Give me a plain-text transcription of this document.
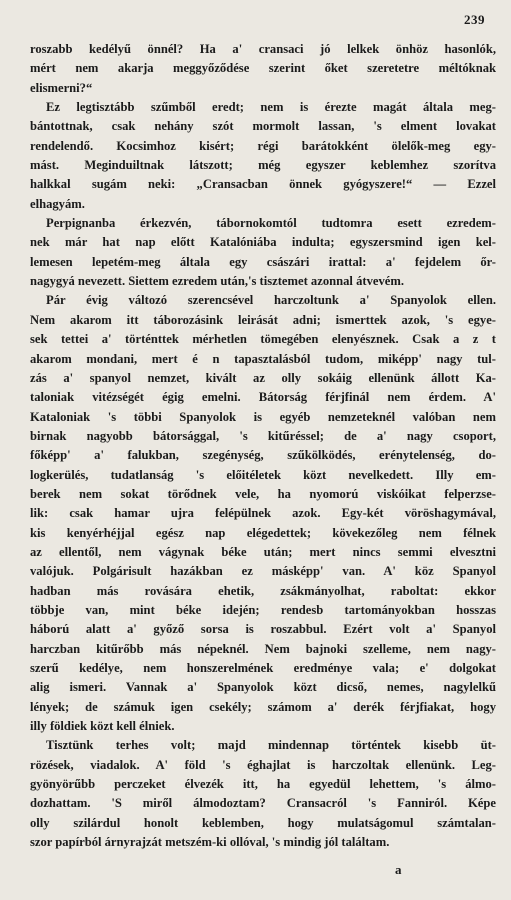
239
roszabb kedélyű önnél? Ha a' cransaci jó lelkek önhöz hasonlók,
mért nem akarja meggyőződése szerint őket szeretetre méltóknak
elismerni?“
Ez legtisztább szűmből eredt; nem is érezte magát általa meg-
bántottnak, csak nehány szót mormolt lassan, 's elment lovakat
rendelendő. Kocsimhoz kisért; régi barátokként ölelők-meg egy-
mást. Meginduiltnak látszott; még egyszer keblemhez szorítva
halkkal sugám neki: „Cransacban önnek gyógyszere!“ — Ezzel
elhagyám.
Perpignanba érkezvén, tábornokomtól tudtomra esett ezredem-
nek már hat nap előtt Katalóniába indulta; egyszersmind igen kel-
lemesen lepetém-meg általa egy császári irattal: a' fejdelem őr-
nagygyá nevezett. Siettem ezredem után,'s tisztemet azonnal átvevém.
Pár évig változó szerencsével harczoltunk a' Spanyolok ellen.
Nem akarom itt táborozásink leirását adni; ismerttek azok, 's egye-
sek tettei a' történttek mérhetlen tömegében elenyésznek. Csak a z t
akarom mondani, mert é n tapasztalásból tudom, miképp' nagy tul-
zás a' spanyol nemzet, kivált az olly sokáig ellenünk állott Ka-
taloniak vitézségét égig emelni. Bátorság férjfinál nem érdem. A'
Kataloniak 's többi Spanyolok is egyéb nemzeteknél valóban nem
birnak nagyobb bátorsággal, 's kitűréssel; de a' nagy csoport,
főképp' a' falukban, szegénység, szűkölködés, erénytelenség, do-
logkerülés, tudatlanság 's előitéletek közt nevelkedett. Illy em-
berek nem sokat törődnek vele, ha nyomorú viskóikat felperzse-
lik: csak hamar ujra felépülnek azok. Egy-két vöröshagymával,
kis kenyérhéjjal egész nap elégedettek; kövekezőleg nem félnek
az ellentől, nem vágynak béke után; mert nincs semmi elvesztni
valójuk. Polgárisult hazákban ez másképp' van. A' köz Spanyol
hadban más rovására ehetik, zsákmányolhat, raboltat: ekkor
többje van, mint béke idején; rendesb tartományokban hosszas
háború alatt a' győző sorsa is roszabbul. Ezért volt a' Spanyol
harczban kitűrőbb más népeknél. Nem bajnoki szelleme, nem nagy-
szerű kedélye, nem honszerelmének eredménye vala; e' dolgokat
alig ismeri. Vannak a' Spanyolok közt dicső, nemes, nagylelkű
lények; de számuk igen csekély; számom a' derék férjfiakat, hogy
illy földiek közt kell élniek.
Tisztünk terhes volt; majd mindennap történtek kisebb üt-
rözések, viadalok. A' föld 's éghajlat is harczoltak ellenünk. Leg-
gyönyörűbb perczeket élvezék itt, ha egyedül lehettem, 's álmo-
dozhattam. 'S miről álmodoztam? Cransacról 's Fanniról. Képe
olly szilárdul honolt keblemben, hogy mulatságomul számtalan-
szor papírból árnyrajzát metszém-ki ollóval, 's mindig jól találtam.
a
